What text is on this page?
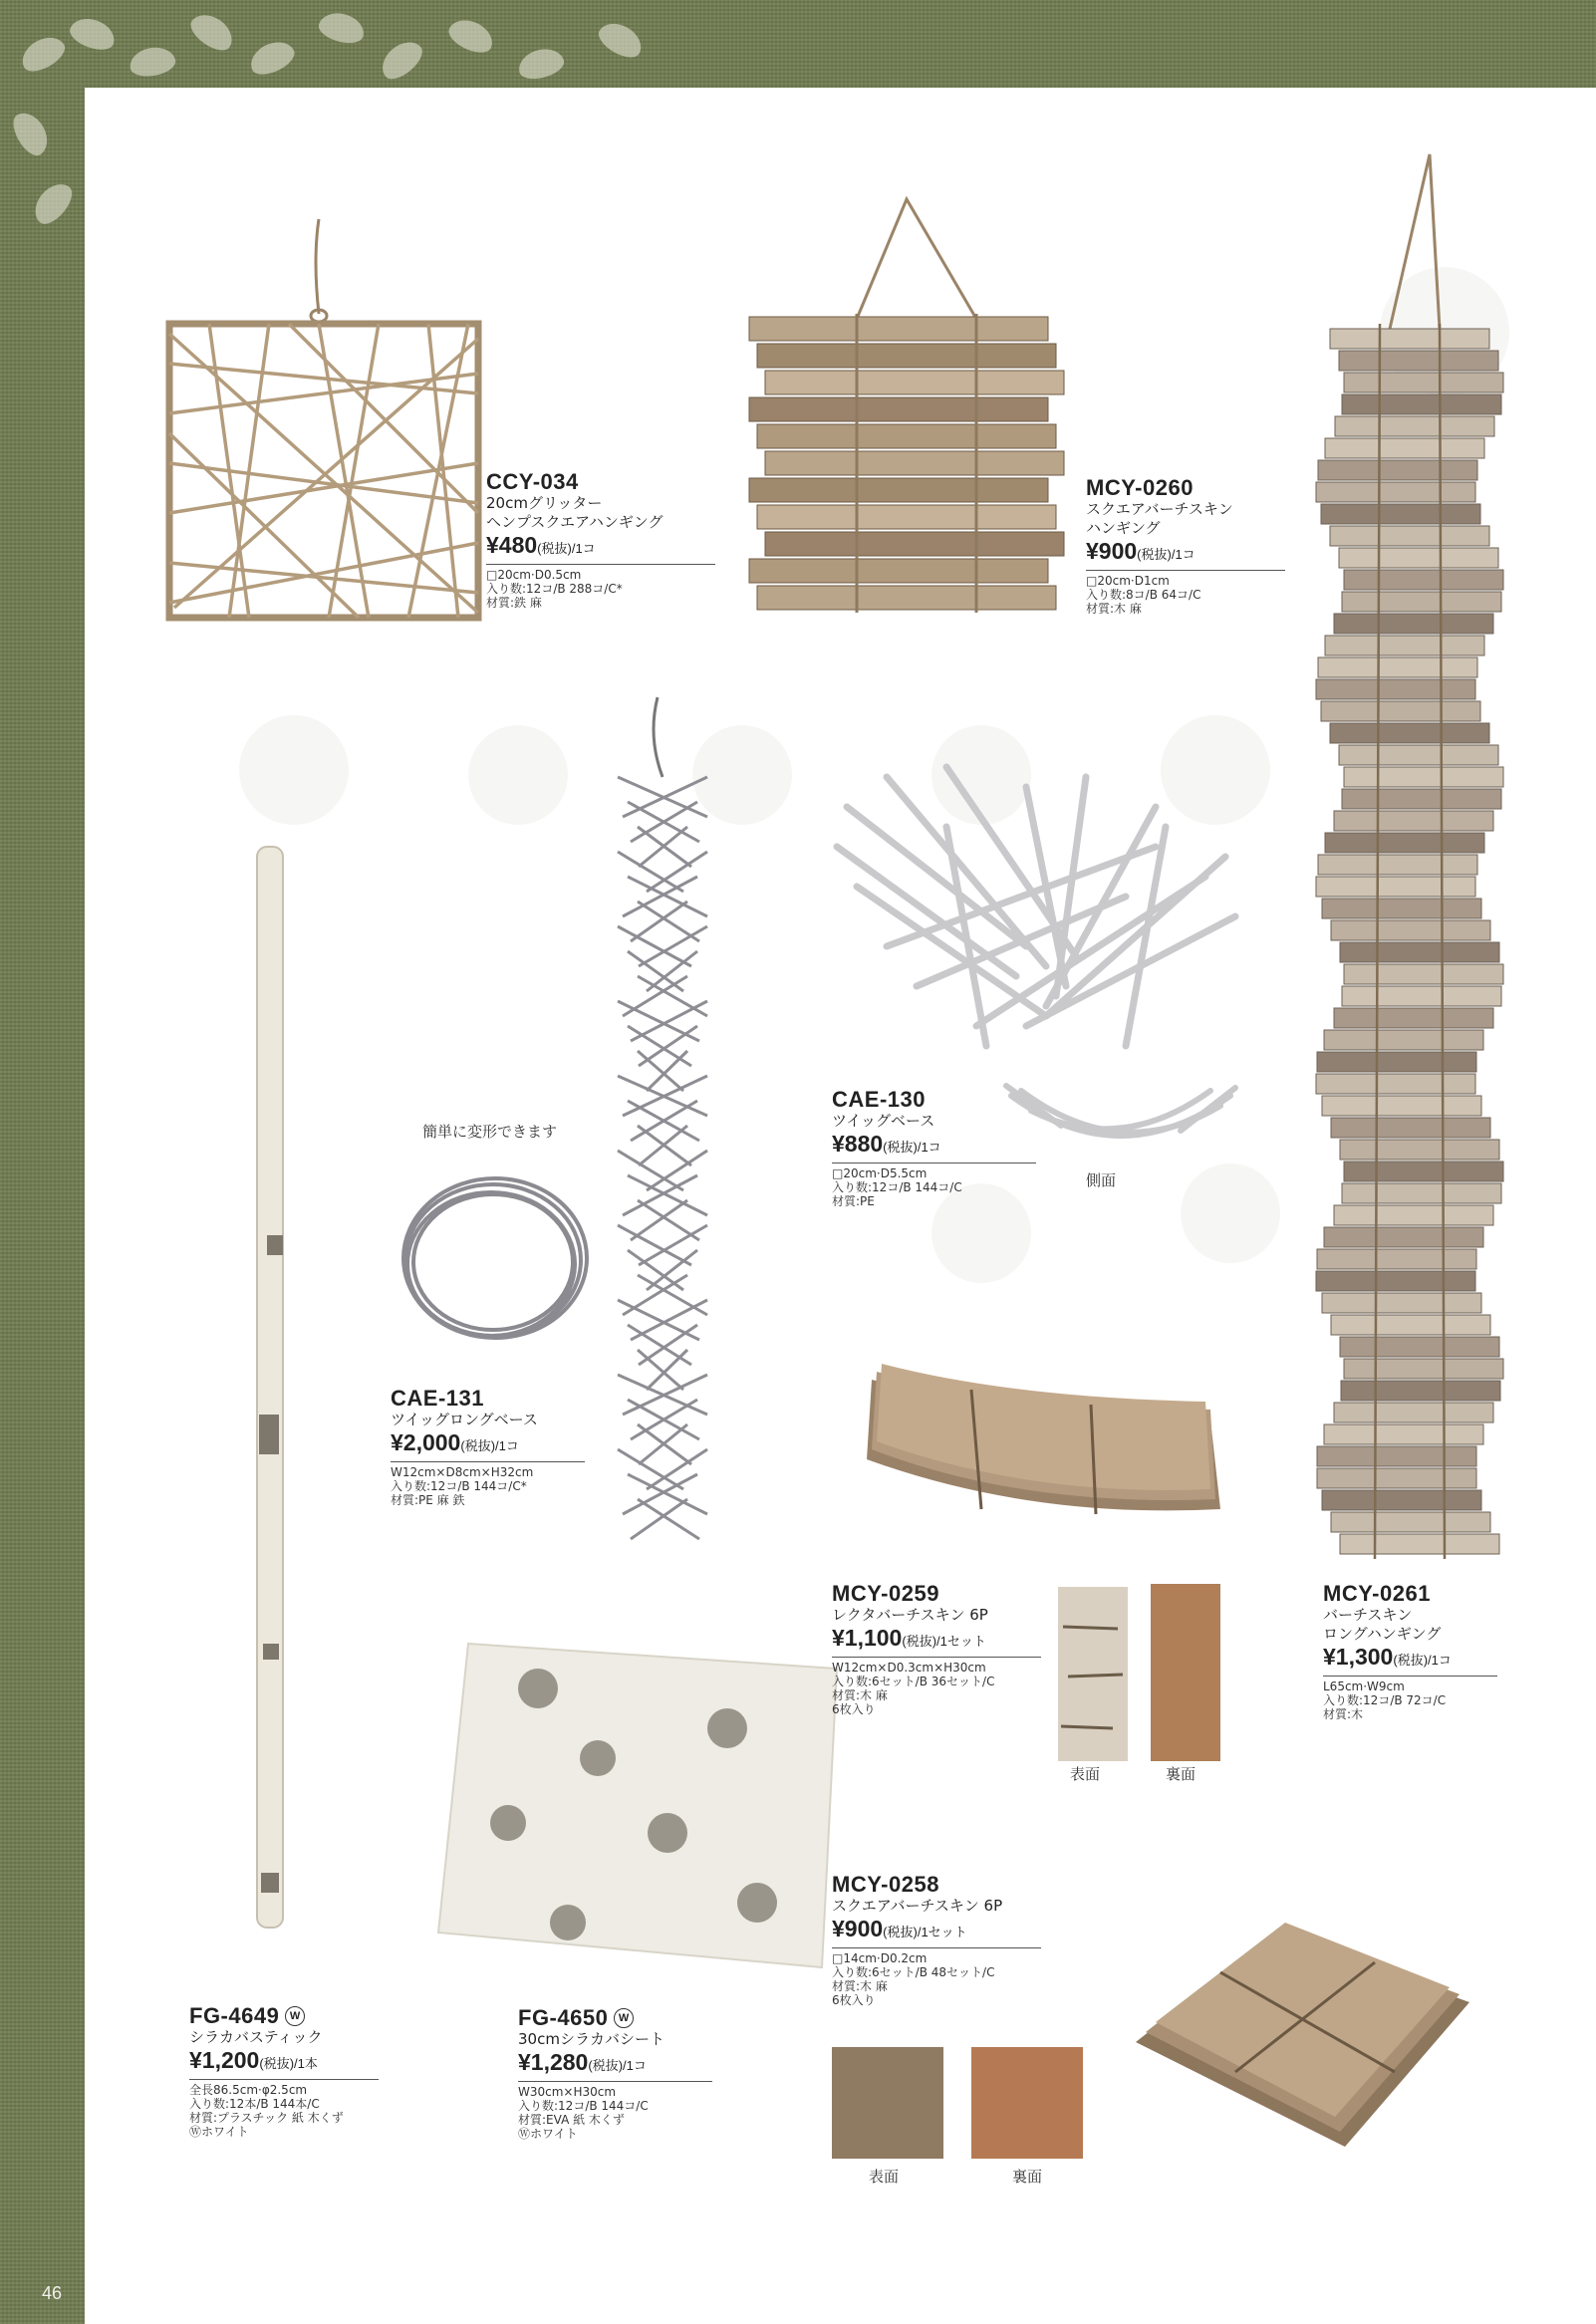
CCY-034
20cmグリッター
ヘンプスクエアハンギング
¥480(税抜)/1コ
□20cm·D0.5cm
入り数:12コ/B 288コ/C*
材質:鉄 麻
MCY-0260
スクエアバーチスキン
ハンギング
¥900(税抜)/1コ
□20cm·D1cm
入り数:8コ/B 64コ/C
材質:木 麻
CAE-130
ツイッグベース
¥880(税抜)/1コ
□20cm·D5.5cm
入り数:12コ/B 144コ/C
材質:PE
CAE-131
ツイッグロングベース
¥2,000(税抜)/1コ
W12cm×D8cm×H32cm
入り数:12コ/B 144コ/C*
材質:PE 麻 鉄
MCY-0261
バーチスキン
ロングハンギング
¥1,300(税抜)/1コ
L65cm·W9cm
入り数:12コ/B 72コ/C
材質:木
MCY-0259
レクタバーチスキン 6P
¥1,100(税抜)/1セット
W12cm×D0.3cm×H30cm
入り数:6セット/B 36セット/C
材質:木 麻
6枚入り
MCY-0258
スクエアバーチスキン 6P
¥900(税抜)/1セット
□14cm·D0.2cm
入り数:6セット/B 48セット/C
材質:木 麻
6枚入り
FG-4649 W
シラカバスティック
¥1,200(税抜)/1本
全長86.5cm·φ2.5cm
入り数:12本/B 144本/C
材質:プラスチック 紙 木くず
Ⓦホワイト
FG-4650 W
30cmシラカバシート
¥1,280(税抜)/1コ
W30cm×H30cm
入り数:12コ/B 144コ/C
材質:EVA 紙 木くず
Ⓦホワイト
簡単に変形できます
側面
表面	裏面
表面	裏面
46
